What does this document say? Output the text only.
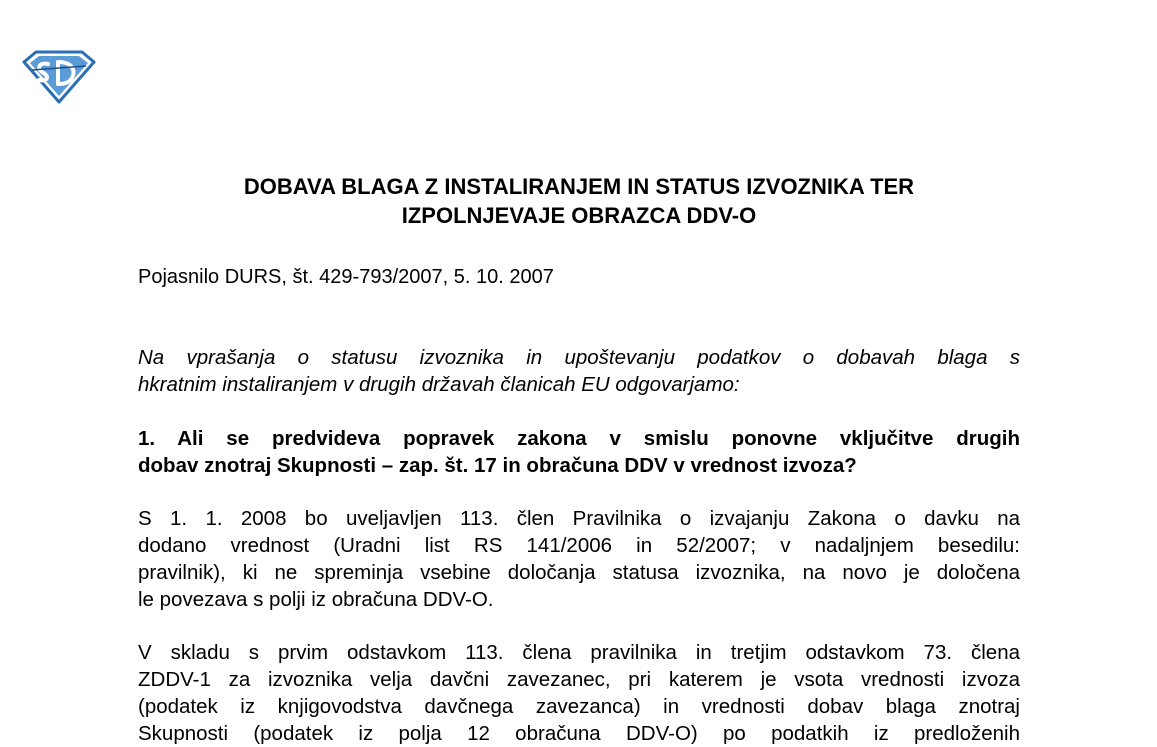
DOBAVA BLAGA Z INSTALIRANJEM IN STATUS IZVOZNIKA TER
IZPOLNJEVAJE OBRAZCA DDV-O

Pojasnilo DURS, št. 429-793/2007, 5. 10. 2007

Na vprašanja o statusu izvoznika in upoštevanju podatkov o dobavah blaga s
hkratnim instaliranjem v drugih državah članicah EU odgovarjamo:

1. Ali se predvideva popravek zakona v smislu ponovne vključitve drugih
dobav znotraj Skupnosti – zap. št. 17 in obračuna DDV v vrednost izvoza?

S 1. 1. 2008 bo uveljavljen 113. člen Pravilnika o izvajanju Zakona o davku na
dodano vrednost (Uradni list RS 141/2006 in 52/2007; v nadaljnjem besedilu:
pravilnik), ki ne spreminja vsebine določanja statusa izvoznika, na novo je določena
le povezava s polji iz obračuna DDV-O.

V skladu s prvim odstavkom 113. člena pravilnika in tretjim odstavkom 73. člena
ZDDV-1 za izvoznika velja davčni zavezanec, pri katerem je vsota vrednosti izvoza
(podatek iz knjigovodstva davčnega zavezanca) in vrednosti dobav blaga znotraj
Skupnosti (podatek iz polja 12 obračuna DDV-O) po podatkih iz predloženih
